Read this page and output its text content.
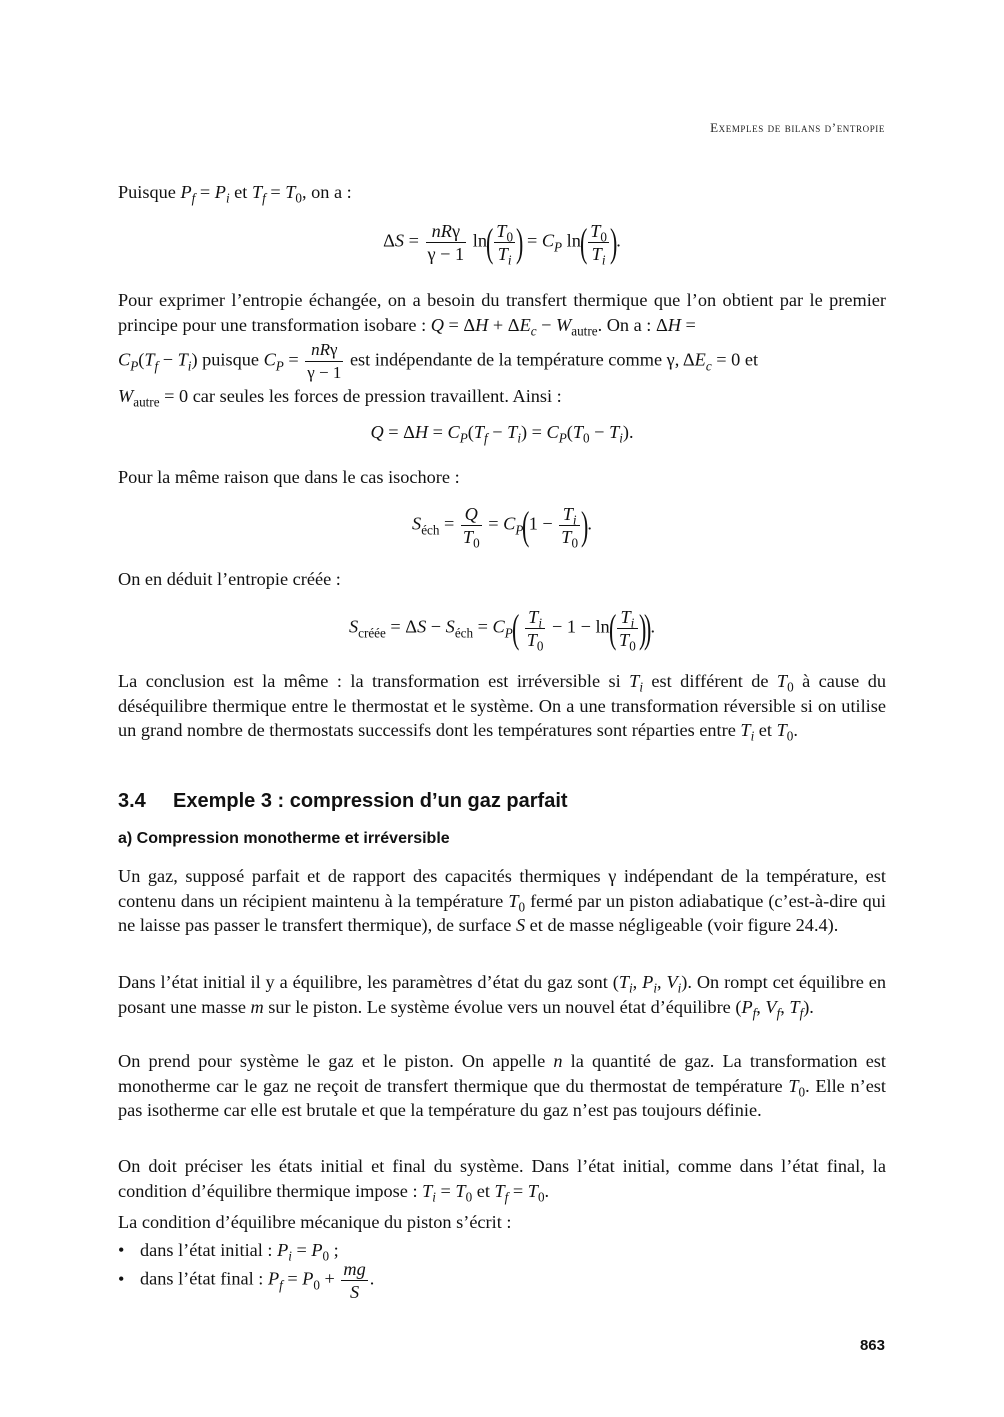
Exemples de bilans d’entropie
Puisque $P_f = P_i$ et $T_f = T_0$, on a :
$\Delta S = \frac{\text{nRγ}}{\gamma - 1} \ln( \frac{T_0}{T_i}$ ) = $C_P$ $\ln( \frac{T_0}{T_i}$ ).

Pour exprimer l’entropie échangée, on a besoin du transfert thermique que l’on obtient par le premier principe pour une transformation isobare : $Q = \Delta H + \Delta E_c - W_{autre}$. On a : ΔH =

$C_P(T_f - T_i)$ puisque $C_P = \frac{\text{nRγ}}{\gamma - 1}$ est indépendante de la température comme γ, $\Delta E_c = 0$ et

$W_{autre} = 0$ car seules les forces de pression travaillent. Ainsi :

$Q = \Delta H = C_P(T_f - T_i) = C_P(T_0 - T_i)$.
Pour la même raison que dans le cas isochore :
$S_{éch} = \frac{Q}{T_0} = C_P(1 - \frac{T_i}{T_0}$ ).
On en déduit l’entropie créée :
$S_{créée} = \Delta S - S_{éch} = C_P( \frac{T_i}{T_0} - 1 - \ln( \frac{T_i}{T_0}$ )).
La conclusion est la même : la transformation est irréversible si $T_i$ est différent de $T_0$ à cause du déséquilibre thermique entre le thermostat et le système. On a une transformation réversible si on utilise un grand nombre de thermostats successifs dont les températures sont réparties entre $T_i$ et $T_0$.
3.4 Exemple 3 : compression d’un gaz parfait
a) Compression monotherme et irréversible
Un gaz, supposé parfait et de rapport des capacités thermiques γ indépendant de la température, est contenu dans un récipient maintenu à la température $T_0$ fermé par un piston adiabatique (c’est-à-dire qui ne laisse pas passer le transfert thermique), de surface S et de masse négligeable (voir figure 24.4).
Dans l’état initial il y a équilibre, les paramètres d’état du gaz sont ($T_i$, $P_i$, $V_i$). On rompt cet équilibre en posant une masse m sur le piston. Le système évolue vers un nouvel état d’équilibre ($P_f$, $V_f$, $T_f$).
On prend pour système le gaz et le piston. On appelle n la quantité de gaz. La transformation est monotherme car le gaz ne reçoit de transfert thermique que du thermostat de température $T_0$. Elle n’est pas isotherme car elle est brutale et que la température du gaz n’est pas toujours définie.
On doit préciser les états initial et final du système. Dans l’état initial, comme dans l’état final, la condition d’équilibre thermique impose : $T_i = T_0$ et $T_f = T_0$.
La condition d’équilibre mécanique du piston s’écrit :
• dans l’état initial : $P_i = P_0$ ;
• dans l’état final : $P_f = P_0 + \frac{mg}{S}$ .
863
